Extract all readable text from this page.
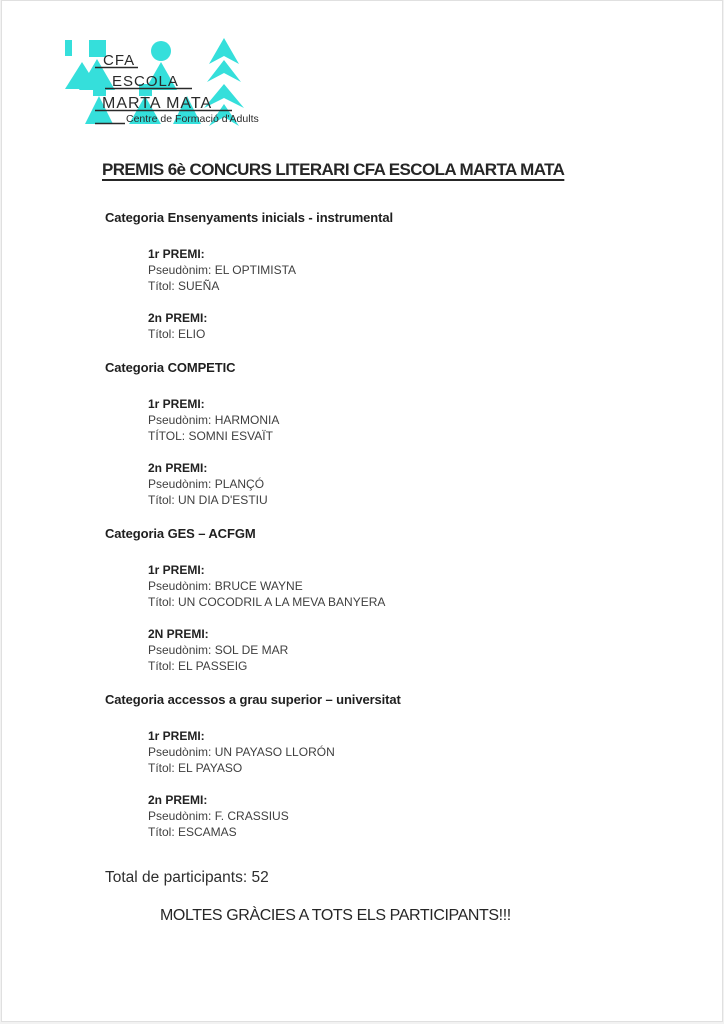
CFA
ESCOLA
MARTA MATA
Centre de Formació d'Adults
PREMIS 6è CONCURS LITERARI CFA ESCOLA MARTA MATA
Categoria Ensenyaments inicials - instrumental
1r PREMI:
Pseudònim: EL OPTIMISTA
Títol: SUEÑA
2n PREMI:
Títol: ELIO
Categoria COMPETIC
1r PREMI:
Pseudònim: HARMONIA
TÍTOL: SOMNI ESVAÏT
2n PREMI:
Pseudònim: PLANÇÓ
Títol: UN DIA D'ESTIU
Categoria GES – ACFGM
1r PREMI:
Pseudònim: BRUCE WAYNE
Títol: UN COCODRIL A LA MEVA BANYERA
2N PREMI:
Pseudònim: SOL DE MAR
Títol: EL PASSEIG
Categoria accessos a grau superior – universitat
1r PREMI:
Pseudònim: UN PAYASO LLORÓN
Títol: EL PAYASO
2n PREMI:
Pseudònim: F. CRASSIUS
Títol: ESCAMAS
Total de participants: 52
MOLTES GRÀCIES A TOTS ELS PARTICIPANTS!!!
